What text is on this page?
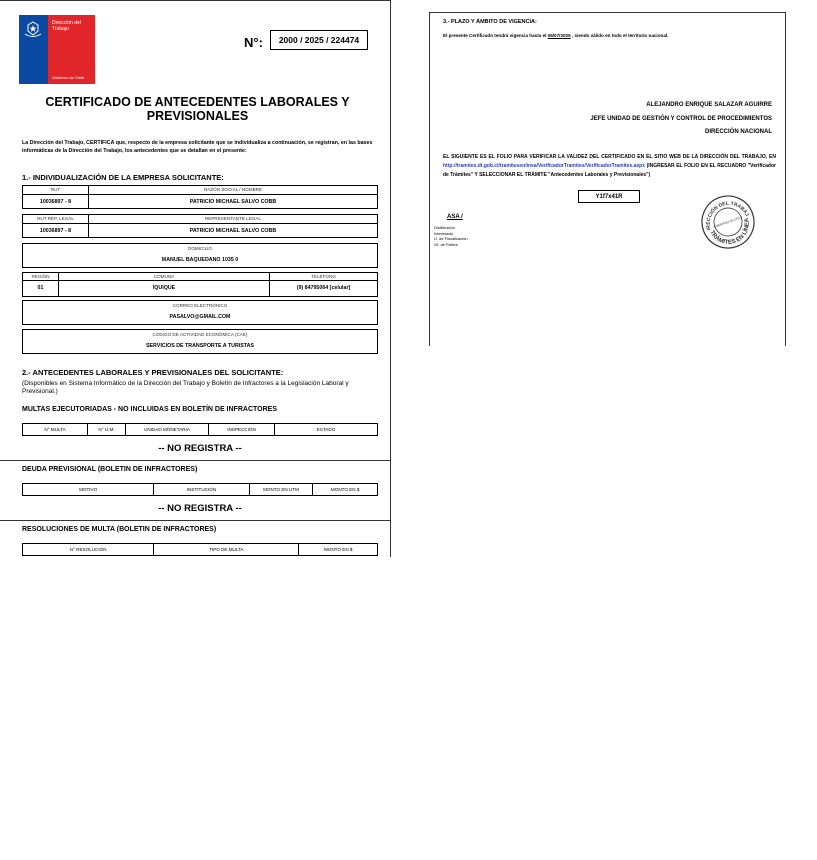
Dirección del Trabajo
Gobierno de Chile
N°:	2000 / 2025 / 224474
CERTIFICADO DE ANTECEDENTES LABORALES Y PREVISIONALES
La Dirección del Trabajo, CERTIFICA que, respecto de la empresa solicitante que se individualiza a continuación, se registran, en las bases informáticas de la Dirección del Trabajo, los antecedentes que se detallan en el presente:
1.- INDIVIDUALIZACIÓN DE LA EMPRESA SOLICITANTE:
RUT
10036897 - 8
RAZÓN SOCIAL / NOMBRE
PATRICIO MICHAEL SALVO COBB
RUT REP. LEGAL
10036897 - 8
REPRESENTANTE LEGAL
PATRICIO MICHAEL SALVO COBB
DOMICILIO
MANUEL BAQUEDANO 1035 0
REGIÓN
01
COMUNA
IQUIQUE
TELÉFONO
(9) 84795064 [celular]
CORREO ELECTRÓNICO
PASALVO@GMAIL.COM
CÓDIGO DE ACTIVIDAD ECONÓMICA (CAE)
SERVICIOS DE TRANSPORTE A TURISTAS
2.- ANTECEDENTES LABORALES Y PREVISIONALES DEL SOLICITANTE:
(Disponibles en Sistema Informático de la Dirección del Trabajo y Boletín de Infractores a la Legislación Laboral y Previsional.)
MULTAS EJECUTORIADAS - NO INCLUIDAS EN BOLETÍN DE INFRACTORES
N° MULTA	N° U.M.	UNIDAD MONETARIA	INSPECCIÓN	ESTADO
-- NO REGISTRA --
DEUDA PREVISIONAL (BOLETIN DE INFRACTORES)
MOTIVO	INSTITUCIÓN	MONTO EN UTM	MONTO EN $
-- NO REGISTRA --
RESOLUCIONES DE MULTA (BOLETIN DE INFRACTORES)
N° RESOLUCIÓN	TIPO DE MULTA	MONTO EN $
3.- PLAZO Y ÁMBITO DE VIGENCIA:
El presente Certificado tendrá vigencia hasta el 06/07/2025 , siendo válido en todo el territorio nacional.
ALEJANDRO ENRIQUE SALAZAR AGUIRRE
JEFE UNIDAD DE GESTIÓN Y CONTROL DE PROCEDIMIENTOS
DIRECCIÓN NACIONAL
EL SIGUIENTE ES EL FOLIO PARA VERIFICAR LA VALIDEZ DEL CERTIFICADO EN EL SITIO WEB DE LA DIRECCIÓN DEL TRABAJO, EN http://tramites.dt.gob.cl/tramitesenlinea/VerificadorTramites/VerificadorTramites.aspx (INGRESAR EL FOLIO EN EL RECUADRO "Verificador de Trámites" Y SELECCIONAR EL TRÁMITE "Antecedentes Laborales y Previsionales")
Y1f7x41R
ASA /
Distribución
Interesado
U. de Fiscalización
Of. de Partes
DIRECCIÓN DEL TRABAJO
TRÁMITES EN LÍNEA
GOBIERNO DE CHILE
